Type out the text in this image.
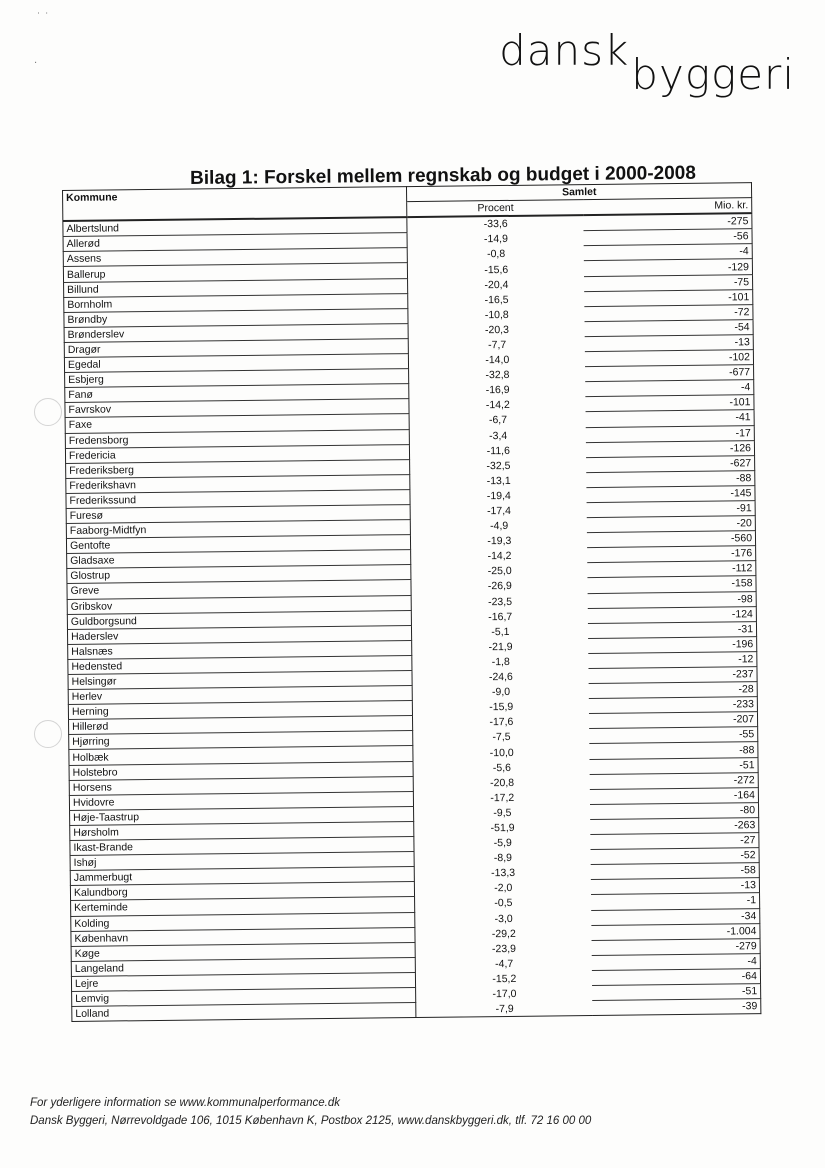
˙ ˙
·	danskbyggeri
Bilag 1: Forskel mellem regnskab og budget i 2000-2008
Kommune	Samlet	
	Procent	Mio. kr.
Albertslund	-33,6	-275
Allerød	-14,9	-56
Assens	-0,8	-4
Ballerup	-15,6	-129
Billund	-20,4	-75
Bornholm	-16,5	-101
Brøndby	-10,8	-72
Brønderslev	-20,3	-54
Dragør	-7,7	-13
Egedal	-14,0	-102
Esbjerg	-32,8	-677
Fanø	-16,9	-4
Favrskov	-14,2	-101
Faxe	-6,7	-41
Fredensborg	-3,4	-17
Fredericia	-11,6	-126
Frederiksberg	-32,5	-627
Frederikshavn	-13,1	-88
Frederikssund	-19,4	-145
Furesø	-17,4	-91
Faaborg-Midtfyn	-4,9	-20
Gentofte	-19,3	-560
Gladsaxe	-14,2	-176
Glostrup	-25,0	-112
Greve	-26,9	-158
Gribskov	-23,5	-98
Guldborgsund	-16,7	-124
Haderslev	-5,1	-31
Halsnæs	-21,9	-196
Hedensted	-1,8	-12
Helsingør	-24,6	-237
Herlev	-9,0	-28
Herning	-15,9	-233
Hillerød	-17,6	-207
Hjørring	-7,5	-55
Holbæk	-10,0	-88
Holstebro	-5,6	-51
Horsens	-20,8	-272
Hvidovre	-17,2	-164
Høje-Taastrup	-9,5	-80
Hørsholm	-51,9	-263
Ikast-Brande	-5,9	-27
Ishøj	-8,9	-52
Jammerbugt	-13,3	-58
Kalundborg	-2,0	-13
Kerteminde	-0,5	-1
Kolding	-3,0	-34
København	-29,2	-1.004
Køge	-23,9	-279
Langeland	-4,7	-4
Lejre	-15,2	-64
Lemvig	-17,0	-51
Lolland	-7,9	-39
For yderligere information se www.kommunalperformance.dk
Dansk Byggeri, Nørrevoldgade 106, 1015 København K, Postbox 2125, www.danskbyggeri.dk, tlf. 72 16 00 00
